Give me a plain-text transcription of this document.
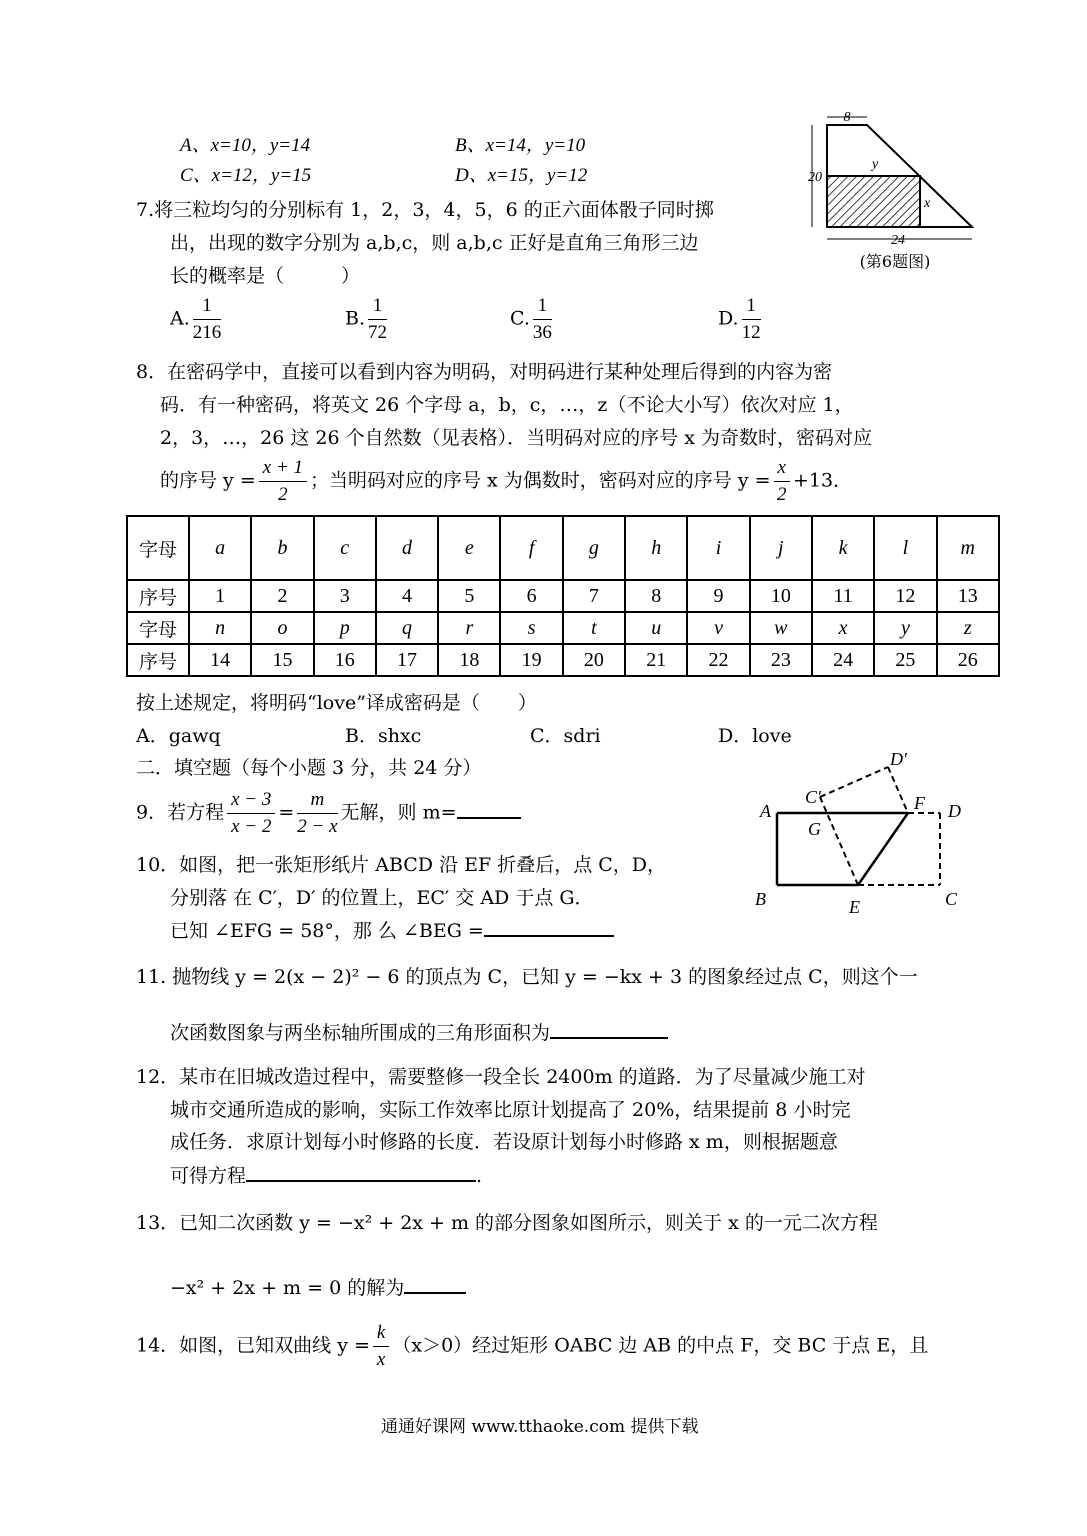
A、x=10，y=14	B、x=14，y=10
C、x=12，y=15	D、x=15，y=12
8
20
24
y
x
(第6题图)
7.将三粒均匀的分别标有 1，2，3，4，5，6 的正六面体骰子同时掷
出，出现的数字分别为 a,b,c，则 a,b,c 正好是直角三角形三边
长的概率是（　　　）
A. $\frac{1}{216}$	B. $\frac{1}{72}$	C. $\frac{1}{36}$	D. $\frac{1}{12}$
8．在密码学中，直接可以看到内容为明码，对明码进行某种处理后得到的内容为密
码．有一种密码，将英文 26 个字母 a，b，c，…，z（不论大小写）依次对应 1，
2，3，…，26 这 26 个自然数（见表格）．当明码对应的序号 x 为奇数时，密码对应
的序号 $y = \frac{x + 1}{2}$ ；当明码对应的序号 x 为偶数时，密码对应的序号 $y = \frac{x}{2} +13$．
字母	a	b	c	d	e	f	g	h	i	j	k	l	m
序号	1	2	3	4	5	6	7	8	9	10	11	12	13
字母	n	o	p	q	r	s	t	u	v	w	x	y	z
序号	14	15	16	17	18	19	20	21	22	23	24	25	26
按上述规定，将明码“love”译成密码是（　　）
A．gawq	B．shxc	C．sdri	D．love
二．填空题（每个小题 3 分，共 24 分）
9．若方程 $\frac{x - 3}{x - 2} = \frac{m}{2 - x}$ 无解，则 m=
10．如图，把一张矩形纸片 ABCD 沿 EF 折叠后，点 C，D，
分别落 在 C′，D′ 的位置上，EC′ 交 AD 于点 G．
已知 ∠EFG = 58°，那 么 ∠BEG =
A
B	C
D
E
F
G
C′
D′
11. 抛物线 y = 2(x − 2)² − 6 的顶点为 C，已知 y = −kx + 3 的图象经过点 C，则这个一
次函数图象与两坐标轴所围成的三角形面积为
12．某市在旧城改造过程中，需要整修一段全长 2400m 的道路．为了尽量减少施工对
城市交通所造成的影响，实际工作效率比原计划提高了 20%，结果提前 8 小时完
成任务．求原计划每小时修路的长度．若设原计划每小时修路 x m，则根据题意
可得方程	.
13．已知二次函数 y = −x² + 2x + m 的部分图象如图所示，则关于 x 的一元二次方程
−x² + 2x + m = 0 的解为
14．如图，已知双曲线 $y = \frac{k}{x} (x>0)$经过矩形 OABC 边 AB 的中点 F，交 BC 于点 E，且
通通好课网 www.tthaoke.com 提供下载
